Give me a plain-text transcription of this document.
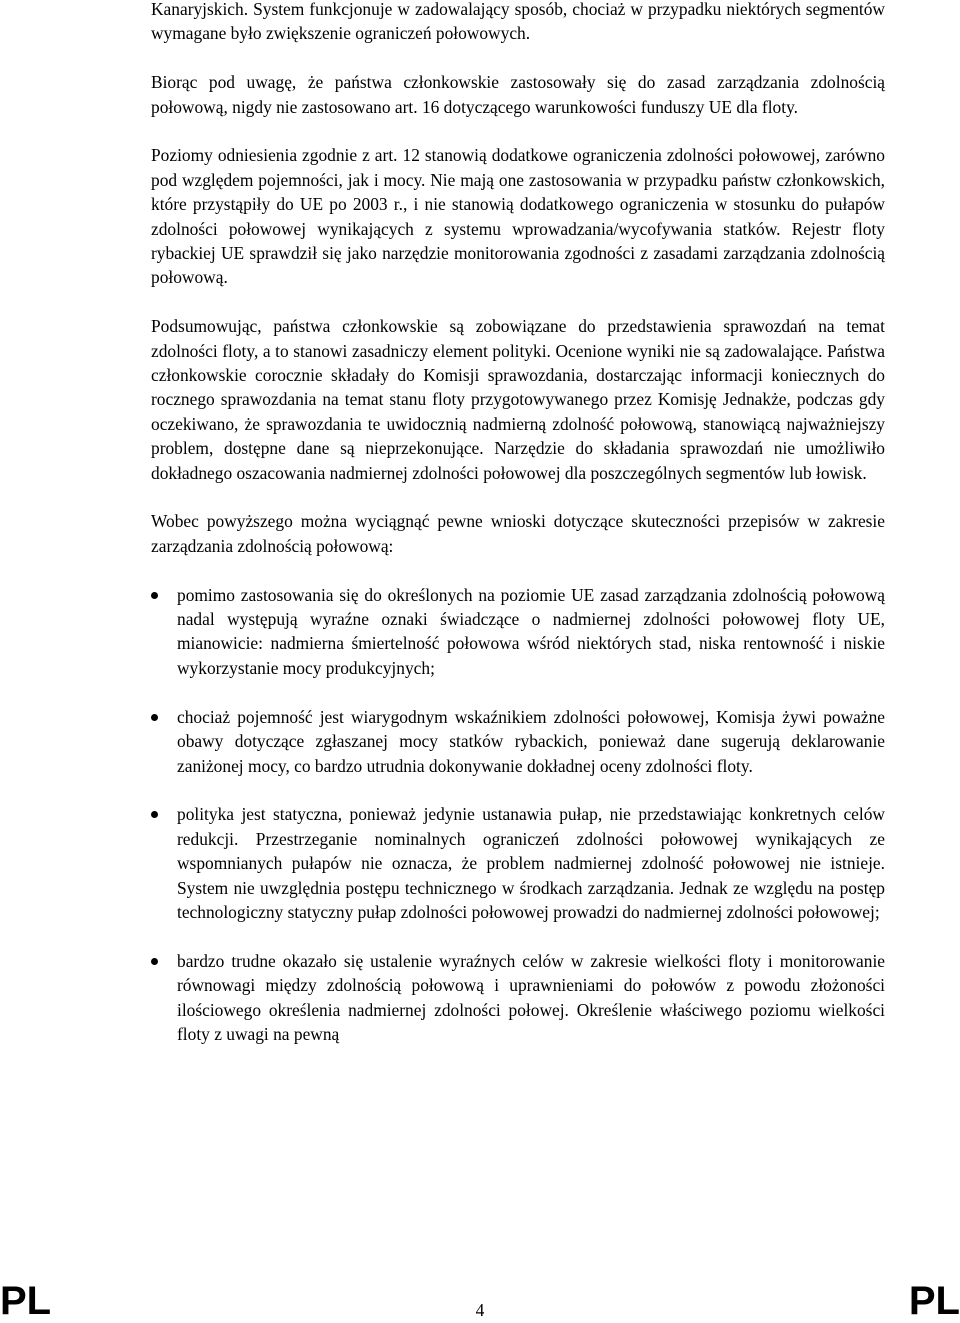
Kanaryjskich. System funkcjonuje w zadowalający sposób, chociaż w przypadku niektórych segmentów wymagane było zwiększenie ograniczeń połowowych.

Biorąc pod uwagę, że państwa członkowskie zastosowały się do zasad zarządzania zdolnością połowową, nigdy nie zastosowano art. 16 dotyczącego warunkowości funduszy UE dla floty.

Poziomy odniesienia zgodnie z art. 12 stanowią dodatkowe ograniczenia zdolności połowowej, zarówno pod względem pojemności, jak i mocy. Nie mają one zastosowania w przypadku państw członkowskich, które przystąpiły do UE po 2003 r., i nie stanowią dodatkowego ograniczenia w stosunku do pułapów zdolności połowowej wynikających z systemu wprowadzania/wycofywania statków. Rejestr floty rybackiej UE sprawdził się jako narzędzie monitorowania zgodności z zasadami zarządzania zdolnością połowową.

Podsumowując, państwa członkowskie są zobowiązane do przedstawienia sprawozdań na temat zdolności floty, a to stanowi zasadniczy element polityki. Ocenione wyniki nie są zadowalające. Państwa członkowskie corocznie składały do Komisji sprawozdania, dostarczając informacji koniecznych do rocznego sprawozdania na temat stanu floty przygotowywanego przez Komisję Jednakże, podczas gdy oczekiwano, że sprawozdania te uwidocznią nadmierną zdolność połowową, stanowiącą najważniejszy problem, dostępne dane są nieprzekonujące. Narzędzie do składania sprawozdań nie umożliwiło dokładnego oszacowania nadmiernej zdolności połowowej dla poszczególnych segmentów lub łowisk.

Wobec powyższego można wyciągnąć pewne wnioski dotyczące skuteczności przepisów w zakresie zarządzania zdolnością połowową:

pomimo zastosowania się do określonych na poziomie UE zasad zarządzania zdolnością połowową nadal występują wyraźne oznaki świadczące o nadmiernej zdolności połowowej floty UE, mianowicie: nadmierna śmiertelność połowowa wśród niektórych stad, niska rentowność i niskie wykorzystanie mocy produkcyjnych;
chociaż pojemność jest wiarygodnym wskaźnikiem zdolności połowowej, Komisja żywi poważne obawy dotyczące zgłaszanej mocy statków rybackich, ponieważ dane sugerują deklarowanie zaniżonej mocy, co bardzo utrudnia dokonywanie dokładnej oceny zdolności floty.
polityka jest statyczna, ponieważ jedynie ustanawia pułap, nie przedstawiając konkretnych celów redukcji. Przestrzeganie nominalnych ograniczeń zdolności połowowej wynikających ze wspomnianych pułapów nie oznacza, że problem nadmiernej zdolność połowowej nie istnieje. System nie uwzględnia postępu technicznego w środkach zarządzania. Jednak ze względu na postęp technologiczny statyczny pułap zdolności połowowej prowadzi do nadmiernej zdolności połowowej;
bardzo trudne okazało się ustalenie wyraźnych celów w zakresie wielkości floty i monitorowanie równowagi między zdolnością połowową i uprawnieniami do połowów z powodu złożoności ilościowego określenia nadmiernej zdolności połowej. Określenie właściwego poziomu wielkości floty z uwagi na pewną
PL	4	PL
